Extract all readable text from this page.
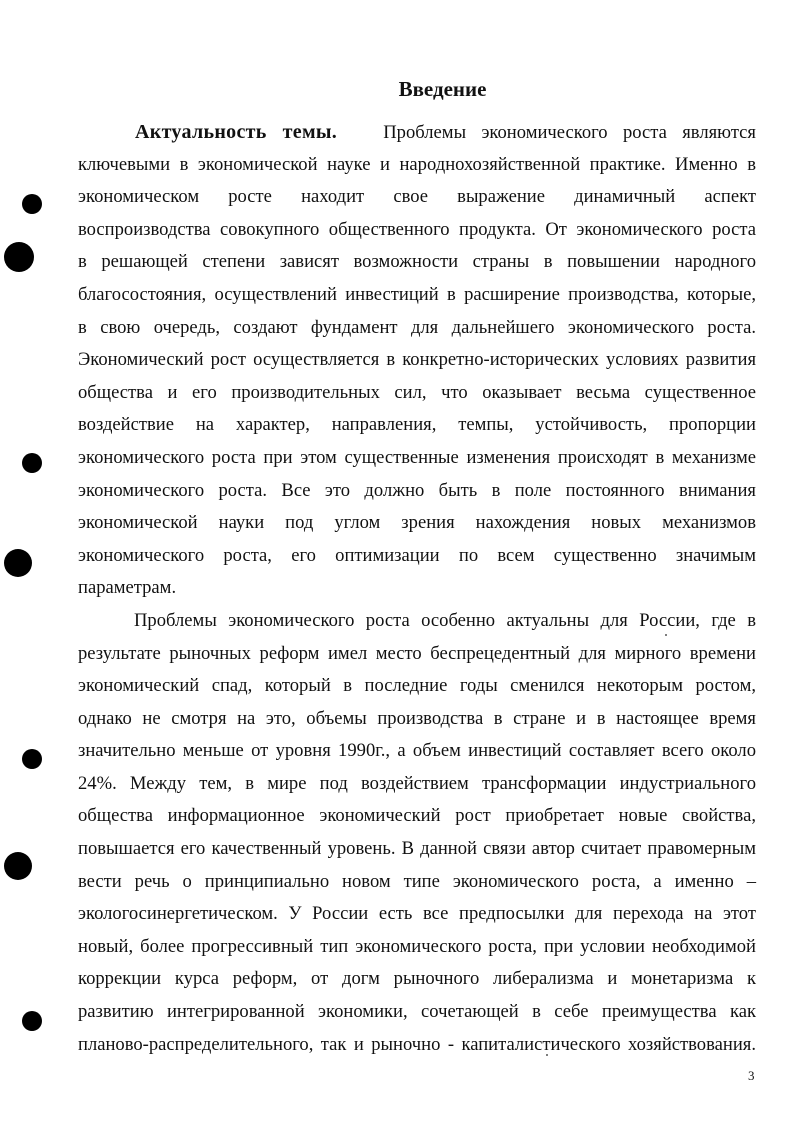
Введение
Актуальность темы. Проблемы экономического роста являются
ключевыми в экономической науке и народнохозяйственной практике. Именно в
экономическом росте находит свое выражение динамичный аспект
воспроизводства совокупного общественного продукта. От экономического роста
в решающей степени зависят возможности страны в повышении народного
благосостояния, осуществлений инвестиций в расширение производства, которые,
в свою очередь, создают фундамент для дальнейшего экономического роста.
Экономический рост осуществляется в конкретно-исторических условиях развития
общества и его производительных сил, что оказывает весьма существенное
воздействие на характер, направления, темпы, устойчивость, пропорции
экономического роста при этом существенные изменения происходят в механизме
экономического роста. Все это должно быть в поле постоянного внимания
экономической науки под углом зрения нахождения новых механизмов
экономического роста, его оптимизации по всем существенно значимым
параметрам.
Проблемы экономического роста особенно актуальны для России, где в
результате рыночных реформ имел место беспрецедентный для мирного времени
экономический спад, который в последние годы сменился некоторым ростом,
однако не смотря на это, объемы производства в стране и в настоящее время
значительно меньше от уровня 1990г., а объем инвестиций составляет всего около
24%. Между тем, в мире под воздействием трансформации индустриального
общества информационное экономический рост приобретает новые свойства,
повышается его качественный уровень. В данной связи автор считает правомерным
вести речь о принципиально новом типе экономического роста, а именно –
экологосинергетическом. У России есть все предпосылки для перехода на этот
новый, более прогрессивный тип экономического роста, при условии необходимой
коррекции курса реформ, от догм рыночного либерализма и монетаризма к
развитию интегрированной экономики, сочетающей в себе преимущества как
планово-распределительного, так и рыночно - капиталистического хозяйствования.
3
